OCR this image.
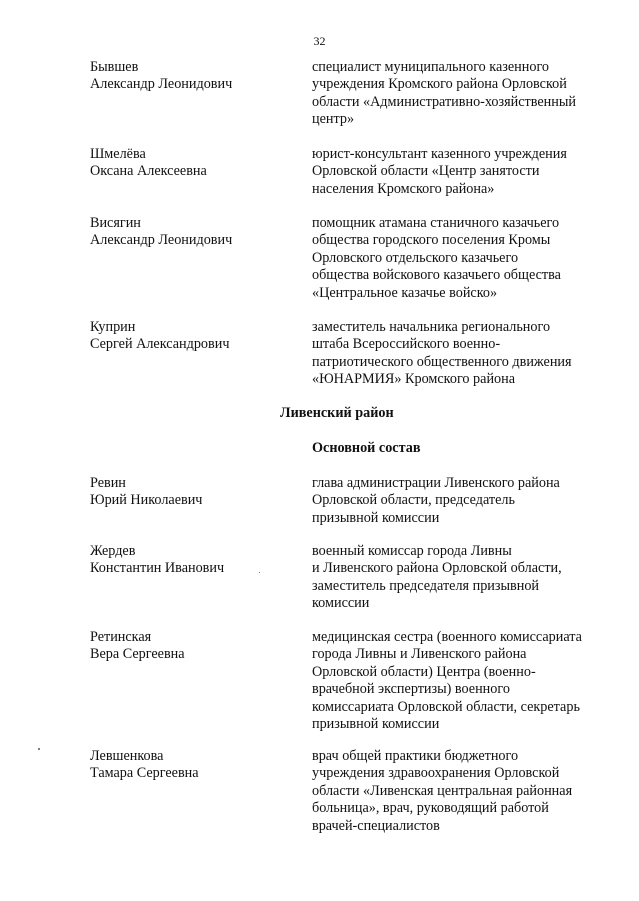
32
Бывшев
Александр Леонидович
специалист муниципального казенного
учреждения Кромского района Орловской
области «Административно-хозяйственный
центр»
Шмелёва
Оксана Алексеевна
юрист-консультант казенного учреждения
Орловской области «Центр занятости
населения Кромского района»
Висягин
Александр Леонидович
помощник атамана станичного казачьего
общества городского поселения Кромы
Орловского отдельского казачьего
общества войскового казачьего общества
«Центральное казачье войско»
Куприн
Сергей Александрович
заместитель начальника регионального
штаба Всероссийского военно-
патриотического общественного движения
«ЮНАРМИЯ» Кромского района
Ливенский район
Основной состав
Ревин
Юрий Николаевич
глава администрации Ливенского района
Орловской области, председатель
призывной комиссии
Жердев
Константин Иванович
военный комиссар города Ливны
и Ливенского района Орловской области,
заместитель председателя призывной
комиссии
Ретинская
Вера Сергеевна
медицинская сестра (военного комиссариата
города Ливны и Ливенского района
Орловской области) Центра (военно-
врачебной экспертизы) военного
комиссариата Орловской области, секретарь
призывной комиссии
Левшенкова
Тамара Сергеевна
врач общей практики бюджетного
учреждения здравоохранения Орловской
области «Ливенская центральная районная
больница», врач, руководящий работой
врачей-специалистов
